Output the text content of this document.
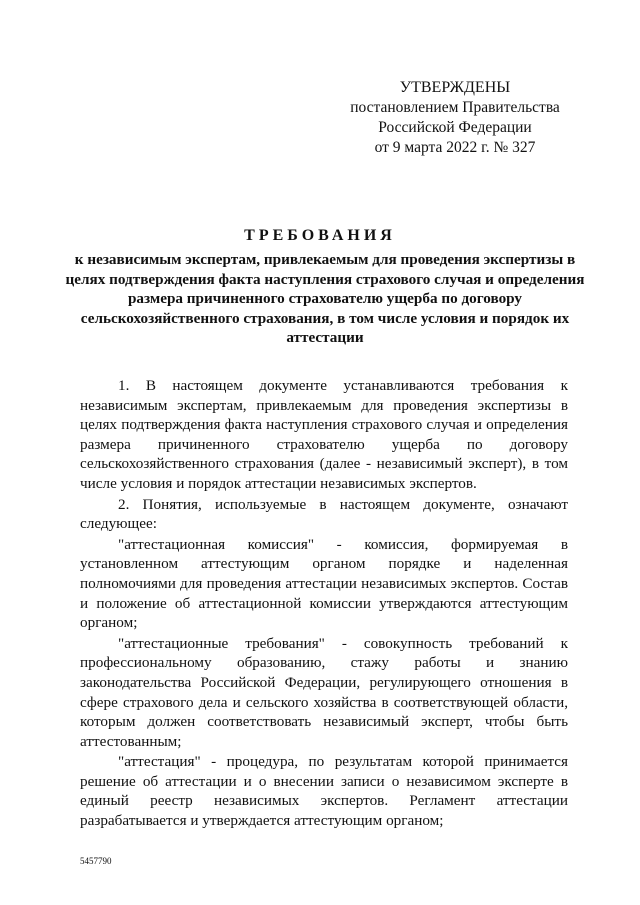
УТВЕРЖДЕНЫ
постановлением Правительства
Российской Федерации
от 9 марта 2022 г. № 327
ТРЕБОВАНИЯ
к независимым экспертам, привлекаемым для проведения экспертизы в целях подтверждения факта наступления страхового случая и определения размера причиненного страхователю ущерба по договору сельскохозяйственного страхования, в том числе условия и порядок их аттестации

1. В настоящем документе устанавливаются требования к независимым экспертам, привлекаемым для проведения экспертизы в целях подтверждения факта наступления страхового случая и определения размера причиненного страхователю ущерба по договору сельскохозяйственного страхования (далее - независимый эксперт), в том числе условия и порядок аттестации независимых экспертов.

2. Понятия, используемые в настоящем документе, означают следующее:

"аттестационная комиссия" - комиссия, формируемая в установленном аттестующим органом порядке и наделенная полномочиями для проведения аттестации независимых экспертов. Состав и положение об аттестационной комиссии утверждаются аттестующим органом;

"аттестационные требования" - совокупность требований к профессиональному образованию, стажу работы и знанию законодательства Российской Федерации, регулирующего отношения в сфере страхового дела и сельского хозяйства в соответствующей области, которым должен соответствовать независимый эксперт, чтобы быть аттестованным;

"аттестация" - процедура, по результатам которой принимается решение об аттестации и о внесении записи о независимом эксперте в единый реестр независимых экспертов. Регламент аттестации разрабатывается и утверждается аттестующим органом;

5457790
